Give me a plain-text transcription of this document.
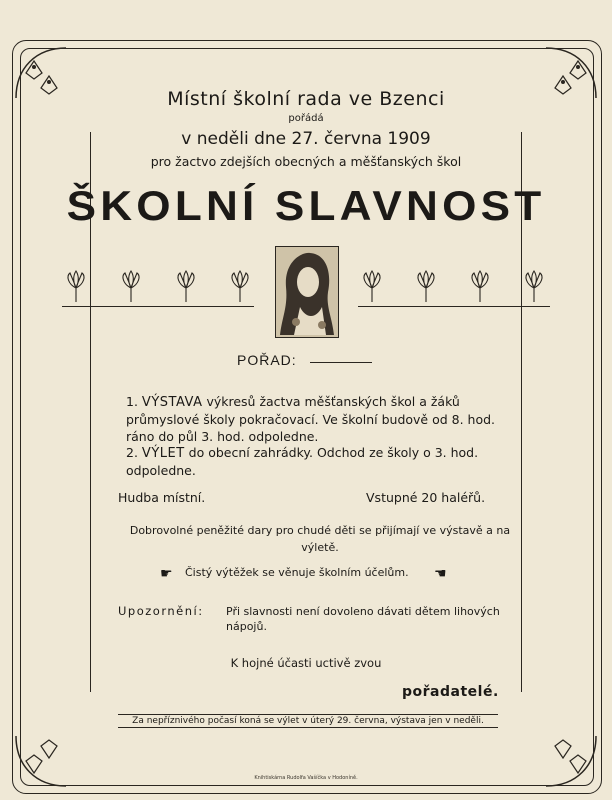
Místní školní rada ve Bzenci
pořádá
v neděli dne 27. června 1909
pro žactvo zdejších obecných a měšťanských škol
ŠKOLNÍ SLAVNOST
POŘAD:
1. VÝSTAVA výkresů žactva měšťanských škol a žáků průmyslové školy pokračovací. Ve školní budově od 8. hod. ráno do půl 3. hod. odpoledne.
2. VÝLET do obecní zahrádky. Odchod ze školy o 3. hod. odpoledne.
Hudba místní.	Vstupné 20 haléřů.
Dobrovolné peněžité dary pro chudé děti se přijímají ve výstavě a na výletě.
☛ Čistý výtěžek se věnuje školním účelům. ☚
Upozornění: Při slavnosti není dovoleno dávati dětem lihových nápojů.
K hojné účasti uctivě zvou
pořadatelé.
Za nepříznivého počasí koná se výlet v úterý 29. června, výstava jen v neděli.
Knihtiskárna Rudolfa Vašíčka v Hodoníně.
